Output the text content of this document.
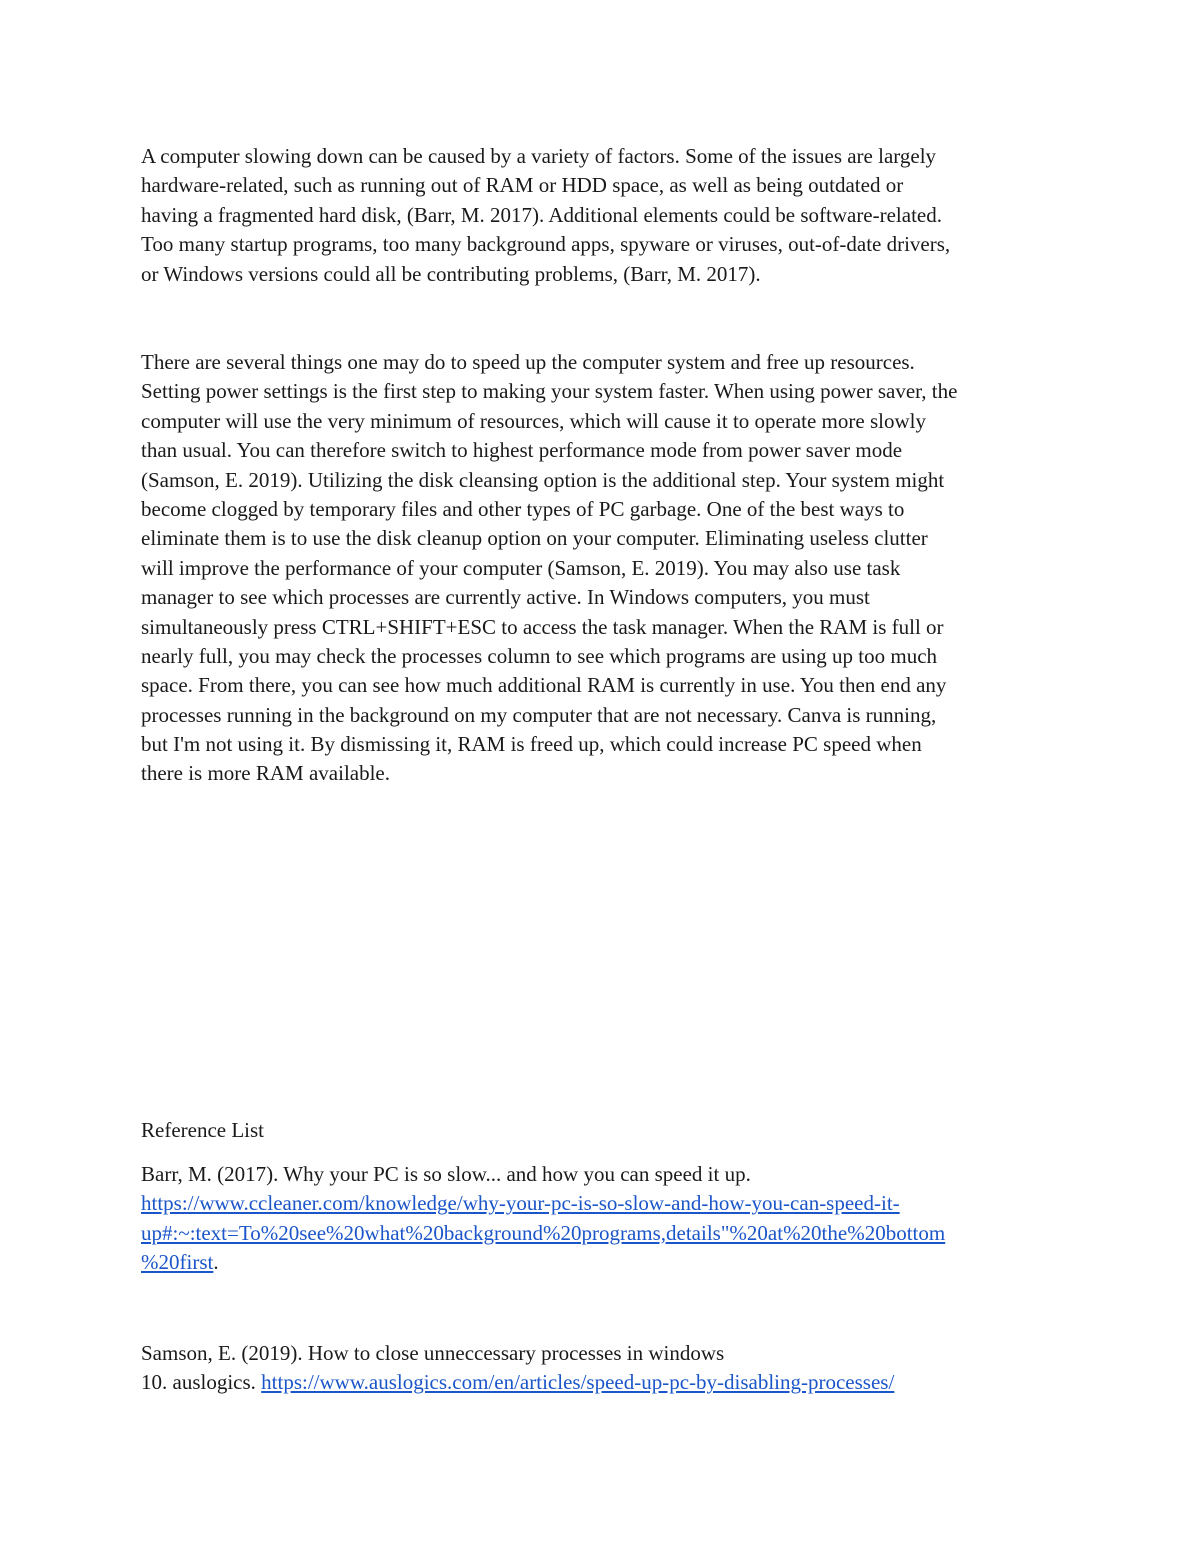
A computer slowing down can be caused by a variety of factors. Some of the issues are largely
hardware-related, such as running out of RAM or HDD space, as well as being outdated or
having a fragmented hard disk, (Barr, M. 2017). Additional elements could be software-related.
Too many startup programs, too many background apps, spyware or viruses, out-of-date drivers,
or Windows versions could all be contributing problems, (Barr, M. 2017).
There are several things one may do to speed up the computer system and free up resources.
Setting power settings is the first step to making your system faster. When using power saver, the
computer will use the very minimum of resources, which will cause it to operate more slowly
than usual. You can therefore switch to highest performance mode from power saver mode
(Samson, E. 2019). Utilizing the disk cleansing option is the additional step. Your system might
become clogged by temporary files and other types of PC garbage. One of the best ways to
eliminate them is to use the disk cleanup option on your computer. Eliminating useless clutter
will improve the performance of your computer (Samson, E. 2019). You may also use task
manager to see which processes are currently active. In Windows computers, you must
simultaneously press CTRL+SHIFT+ESC to access the task manager. When the RAM is full or
nearly full, you may check the processes column to see which programs are using up too much
space. From there, you can see how much additional RAM is currently in use. You then end any
processes running in the background on my computer that are not necessary. Canva is running,
but I'm not using it. By dismissing it, RAM is freed up, which could increase PC speed when
there is more RAM available.
Reference List
Barr, M. (2017). Why your PC is so slow... and how you can speed it up.
https://www.ccleaner.com/knowledge/why-your-pc-is-so-slow-and-how-you-can-speed-it-
up#:~:text=To%20see%20what%20background%20programs,details"%20at%20the%20bottom
%20first.
Samson, E. (2019). How to close unneccessary processes in windows
10. auslogics. https://www.auslogics.com/en/articles/speed-up-pc-by-disabling-processes/
